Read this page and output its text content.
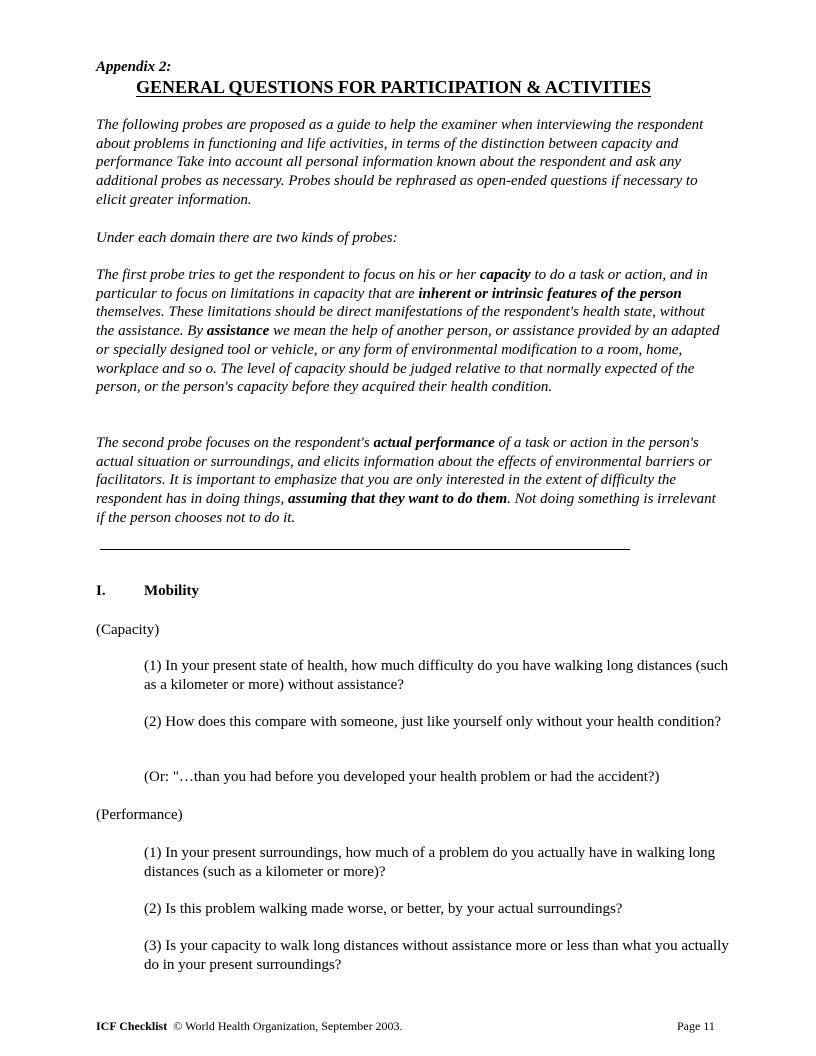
Appendix 2:
GENERAL QUESTIONS FOR PARTICIPATION & ACTIVITIES
The following probes are proposed as a guide to help the examiner when interviewing the respondent about problems in functioning and life activities, in terms of the distinction between capacity and performance Take into account all personal information known about the respondent and ask any additional probes as necessary. Probes should be rephrased as open-ended questions if necessary to elicit greater information.
Under each domain there are two kinds of probes:
The first probe tries to get the respondent to focus on his or her capacity to do a task or action, and in particular to focus on limitations in capacity that are inherent or intrinsic features of the person themselves. These limitations should be direct manifestations of the respondent's health state, without the assistance. By assistance we mean the help of another person, or assistance provided by an adapted or specially designed tool or vehicle, or any form of environmental modification to a room, home, workplace and so o. The level of capacity should be judged relative to that normally expected of the person, or the person's capacity before they acquired their health condition.
The second probe focuses on the respondent's actual performance of a task or action in the person's actual situation or surroundings, and elicits information about the effects of environmental barriers or facilitators. It is important to emphasize that you are only interested in the extent of difficulty the respondent has in doing things, assuming that they want to do them. Not doing something is irrelevant if the person chooses not to do it.
I.	Mobility
(Capacity)
(1) In your present state of health, how much difficulty do you have walking long distances (such as a kilometer or more) without assistance?
(2) How does this compare with someone, just like yourself only without your health condition?
(Or: "…than you had before you developed your health problem or had the accident?)
(Performance)
(1) In your present surroundings, how much of a problem do you actually have in walking long distances (such as a kilometer or more)?
(2) Is this problem walking made worse, or better, by your actual surroundings?
(3) Is your capacity to walk long distances without assistance more or less than what you actually do in your present surroundings?
ICF Checklist © World Health Organization, September 2003.	Page 11
